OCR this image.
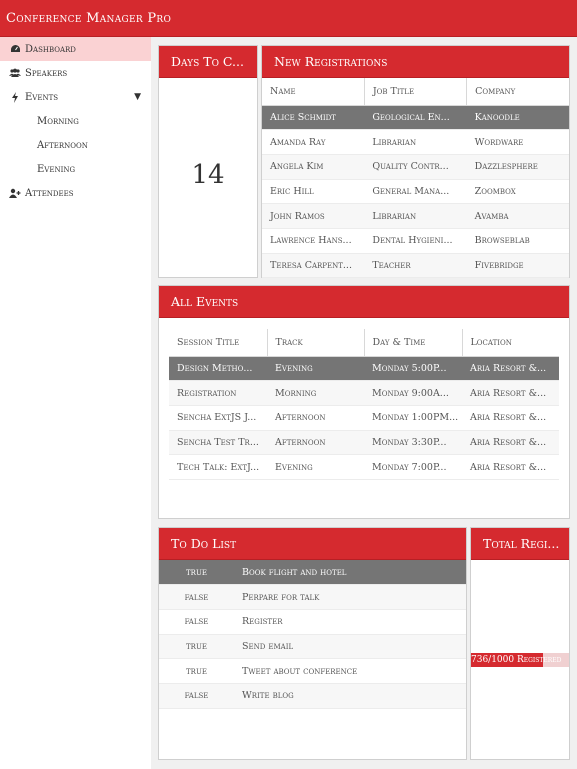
Conference Manager Pro
Dashboard
Speakers
Events	▼
Morning
Afternoon
Evening
Attendees
Days To C...
14
New Registrations
Name	Job Title	Company
Alice Schmidt	Geological En...	Kanoodle
Amanda Ray	Librarian	Wordware
Angela Kim	Quality Contr...	Dazzlesphere
Eric Hill	General Mana...	Zoombox
John Ramos	Librarian	Avamba
Lawrence Hans...	Dental Hygieni...	Browseblab
Teresa Carpent...	Teacher	Fivebridge
All Events
Session Title	Track	Day & Time	Location
Design Metho...	Evening	Monday 5:00P...	Aria Resort &...
Registration	Morning	Monday 9:00A...	Aria Resort &...
Sencha ExtJS J...	Afternoon	Monday 1:00PM...	Aria Resort &...
Sencha Test Tr...	Afternoon	Monday 3:30P...	Aria Resort &...
Tech Talk: ExtJ...	Evening	Monday 7:00P...	Aria Resort &...
To Do List
true	Book flight and hotel
false	Perpare for talk
false	Register
true	Send email
true	Tweet about conference
false	Write blog
Total Regi...
736/1000 Registered
